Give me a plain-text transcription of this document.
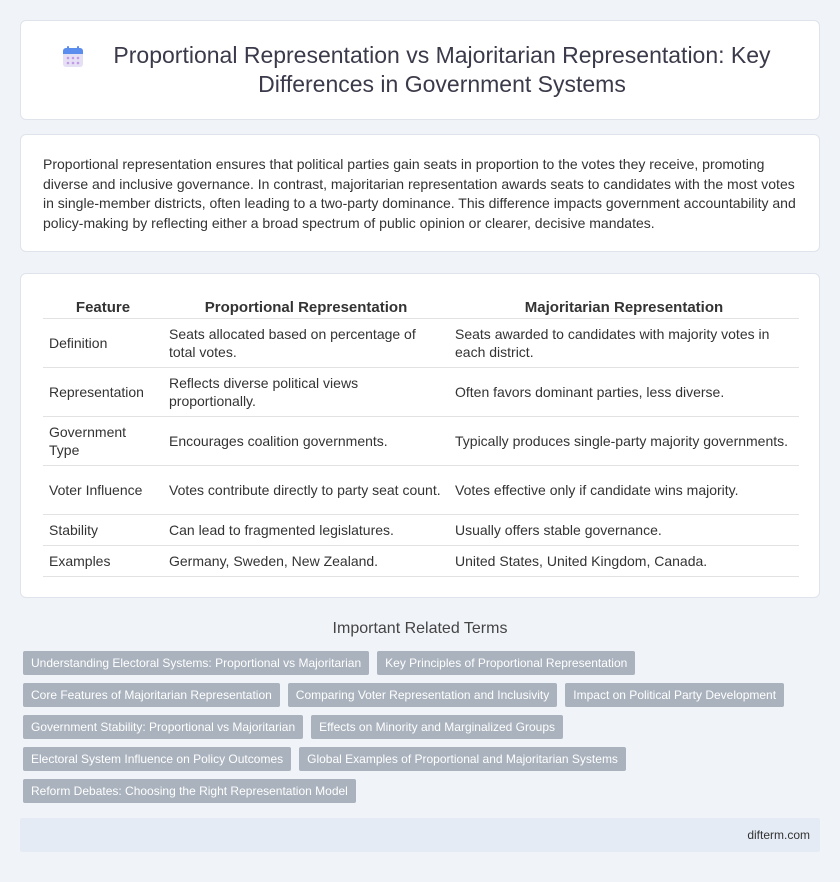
Proportional Representation vs Majoritarian Representation: Key Differences in Government Systems

Proportional representation ensures that political parties gain seats in proportion to the votes they receive, promoting diverse and inclusive governance. In contrast, majoritarian representation awards seats to candidates with the most votes in single-member districts, often leading to a two-party dominance. This difference impacts government accountability and policy-making by reflecting either a broad spectrum of public opinion or clearer, decisive mandates.

Feature	Proportional Representation	Majoritarian Representation
Definition	Seats allocated based on percentage of total votes.	Seats awarded to candidates with majority votes in each district.
Representation	Reflects diverse political views proportionally.	Often favors dominant parties, less diverse.
Government Type	Encourages coalition governments.	Typically produces single-party majority governments.
Voter Influence	Votes contribute directly to party seat count.	Votes effective only if candidate wins majority.
Stability	Can lead to fragmented legislatures.	Usually offers stable governance.
Examples	Germany, Sweden, New Zealand.	United States, United Kingdom, Canada.
Important Related Terms
Understanding Electoral Systems: Proportional vs Majoritarian	Key Principles of Proportional Representation
Core Features of Majoritarian Representation	Comparing Voter Representation and Inclusivity	Impact on Political Party Development
Government Stability: Proportional vs Majoritarian	Effects on Minority and Marginalized Groups
Electoral System Influence on Policy Outcomes	Global Examples of Proportional and Majoritarian Systems
Reform Debates: Choosing the Right Representation Model
difterm.com
